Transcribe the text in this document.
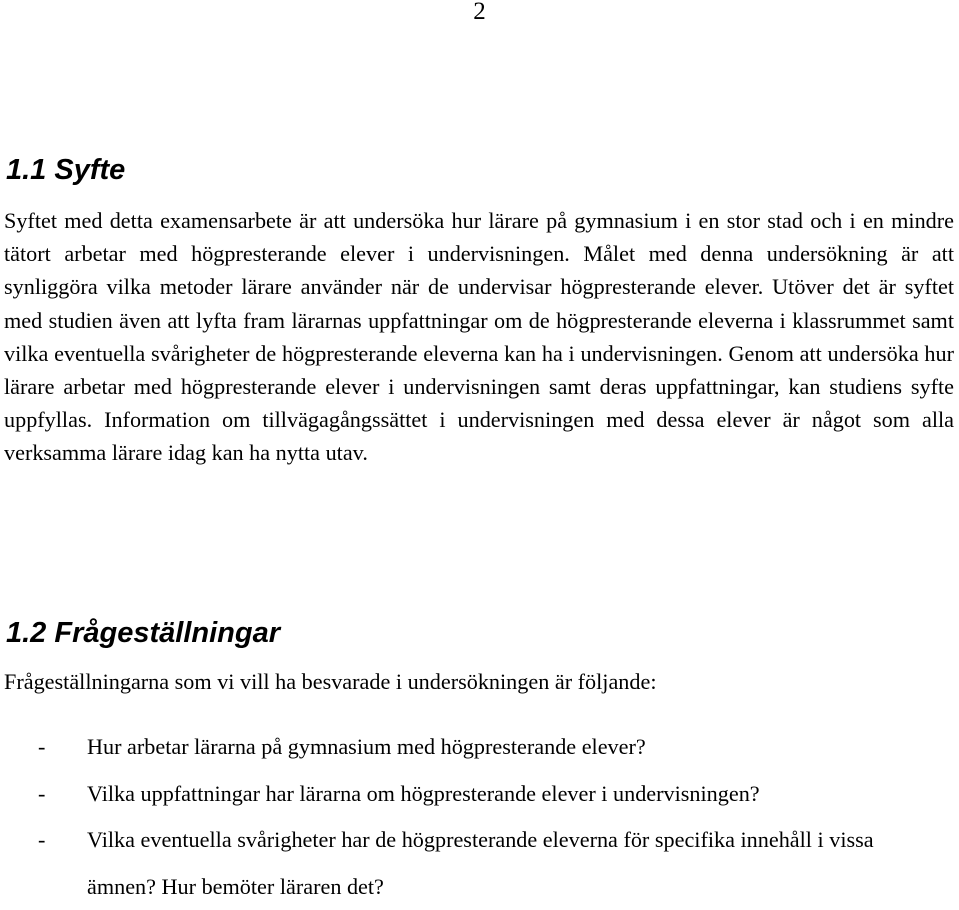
2
1.1 Syfte

Syftet med detta examensarbete är att undersöka hur lärare på gymnasium i en stor stad och i en mindre tätort arbetar med högpresterande elever i undervisningen. Målet med denna undersökning är att synliggöra vilka metoder lärare använder när de undervisar högpresterande elever. Utöver det är syftet med studien även att lyfta fram lärarnas uppfattningar om de högpresterande eleverna i klassrummet samt vilka eventuella svårigheter de högpresterande eleverna kan ha i undervisningen. Genom att undersöka hur lärare arbetar med högpresterande elever i undervisningen samt deras uppfattningar, kan studiens syfte uppfyllas. Information om tillvägagångssättet i undervisningen med dessa elever är något som alla verksamma lärare idag kan ha nytta utav.

1.2 Frågeställningar

Frågeställningarna som vi vill ha besvarade i undersökningen är följande:

- Hur arbetar lärarna på gymnasium med högpresterande elever?
- Vilka uppfattningar har lärarna om högpresterande elever i undervisningen?
- Vilka eventuella svårigheter har de högpresterande eleverna för specifika innehåll i vissa ämnen? Hur bemöter läraren det?
